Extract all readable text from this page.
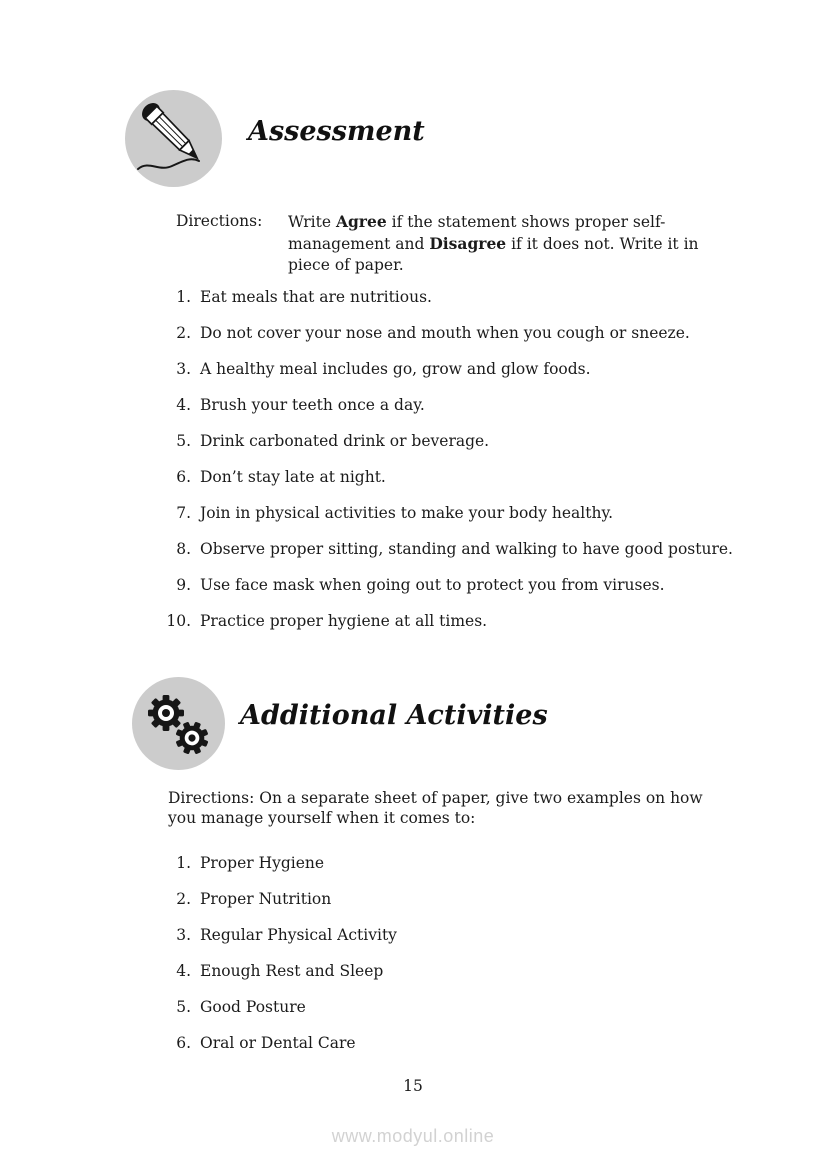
Assessment
Directions:	Write Agree if the statement shows proper self-management and Disagree if it does not. Write it in piece of paper.

1. Eat meals that are nutritious.
2. Do not cover your nose and mouth when you cough or sneeze.
3. A healthy meal includes go, grow and glow foods.
4. Brush your teeth once a day.
5. Drink carbonated drink or beverage.
6. Don’t stay late at night.
7. Join in physical activities to make your body healthy.
8. Observe proper sitting, standing and walking to have good posture.
9. Use face mask when going out to protect you from viruses.
10. Practice proper hygiene at all times.
Additional Activities

Directions: On a separate sheet of paper, give two examples on how you manage yourself when it comes to:

1. Proper Hygiene
2. Proper Nutrition
3. Regular Physical Activity
4. Enough Rest and Sleep
5. Good Posture
6. Oral or Dental Care
15
www.modyul.online
